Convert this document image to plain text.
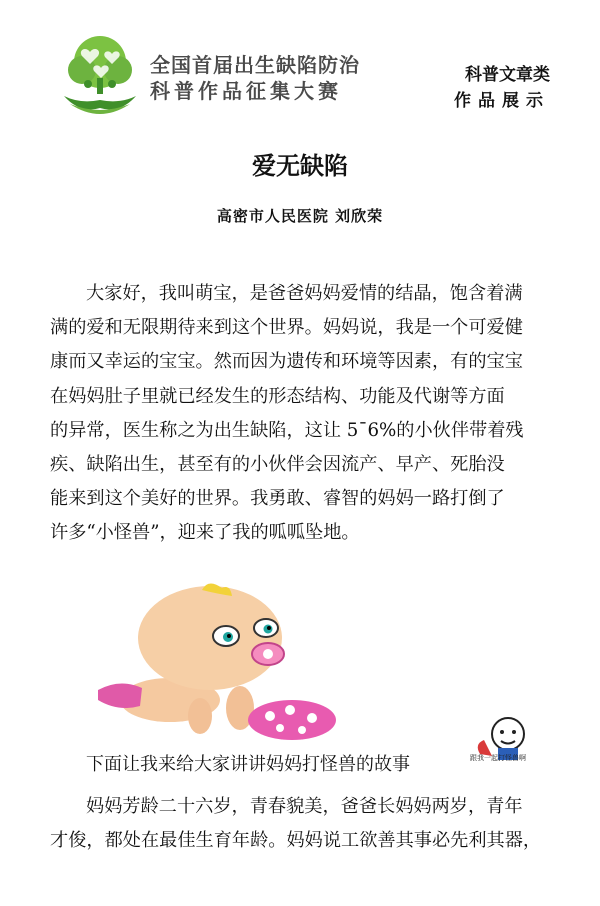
全国首届出生缺陷防治
科普作品征集大赛
科普文章类
作品展示
爱无缺陷
高密市人民医院 刘欣荣
大家好，我叫萌宝，是爸爸妈妈爱情的结晶，饱含着满
满的爱和无限期待来到这个世界。妈妈说，我是一个可爱健
康而又幸运的宝宝。然而因为遗传和环境等因素，有的宝宝
在妈妈肚子里就已经发生的形态结构、功能及代谢等方面
的异常，医生称之为出生缺陷，这让 5¯6%的小伙伴带着残
疾、缺陷出生，甚至有的小伙伴会因流产、早产、死胎没
能来到这个美好的世界。我勇敢、睿智的妈妈一路打倒了
许多“小怪兽”，迎来了我的呱呱坠地。
跟我一起打怪兽啊
下面让我来给大家讲讲妈妈打怪兽的故事
妈妈芳龄二十六岁，青春貌美，爸爸长妈妈两岁，青年
才俊，都处在最佳生育年龄。妈妈说工欲善其事必先利其器，
